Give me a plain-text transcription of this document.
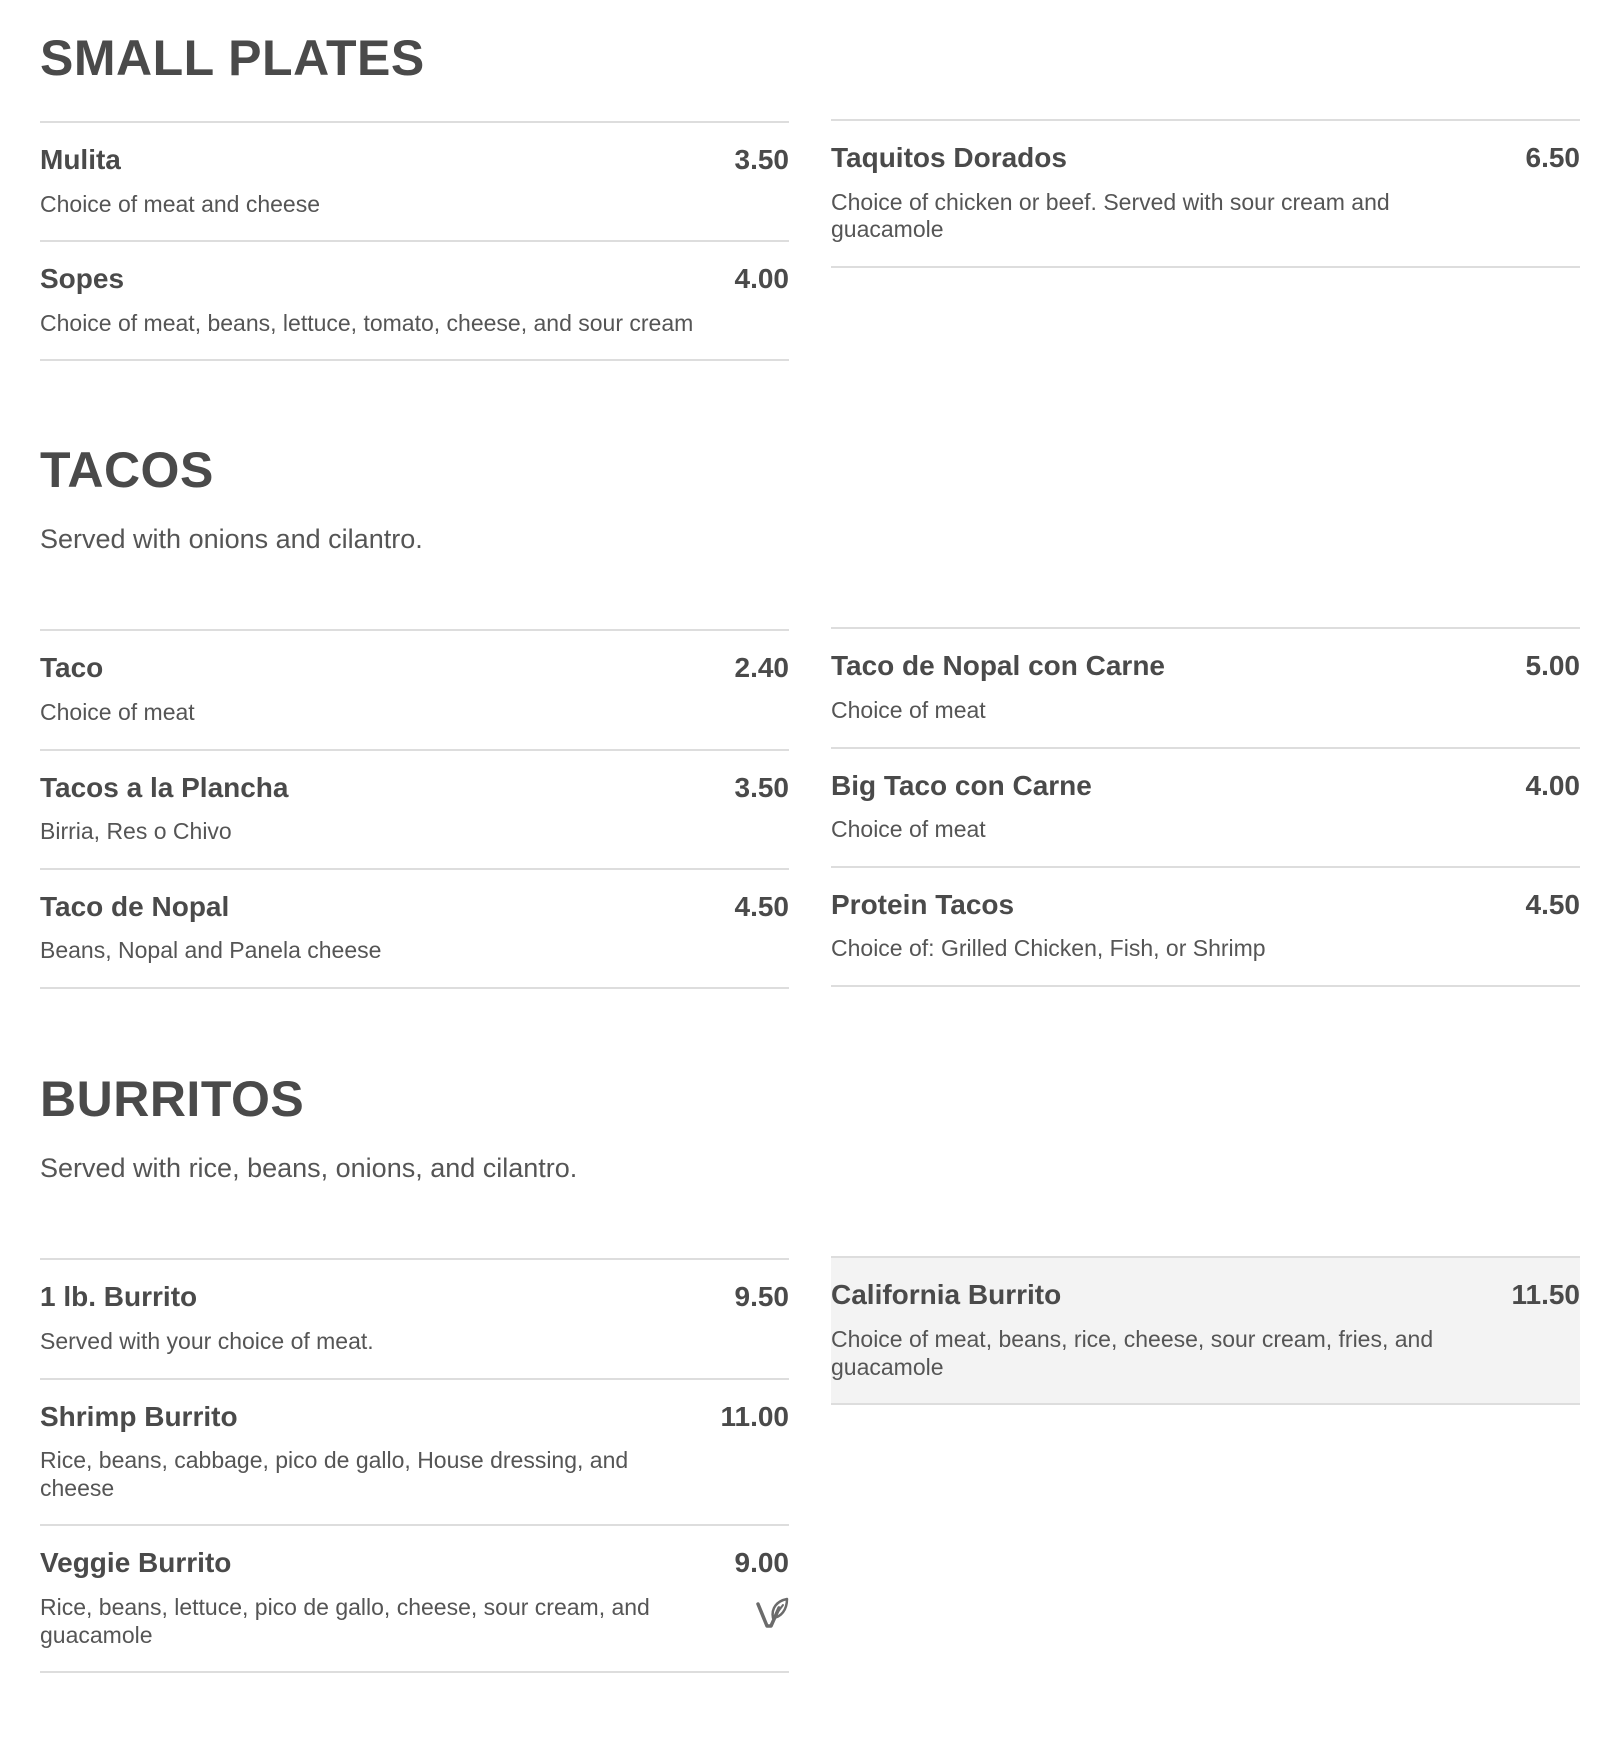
SMALL PLATES
Mulita	3.50
Choice of meat and cheese
Sopes	4.00
Choice of meat, beans, lettuce, tomato, cheese, and sour cream
Taquitos Dorados	6.50
Choice of chicken or beef. Served with sour cream and guacamole
TACOS

Served with onions and cilantro.

Taco	2.40
Choice of meat
Tacos a la Plancha	3.50
Birria, Res o Chivo
Taco de Nopal	4.50
Beans, Nopal and Panela cheese
Taco de Nopal con Carne	5.00
Choice of meat
Big Taco con Carne	4.00
Choice of meat
Protein Tacos	4.50
Choice of: Grilled Chicken, Fish, or Shrimp
BURRITOS

Served with rice, beans, onions, and cilantro.

1 lb. Burrito	9.50
Served with your choice of meat.
Shrimp Burrito	11.00
Rice, beans, cabbage, pico de gallo, House dressing, and cheese
Veggie Burrito	9.00
Rice, beans, lettuce, pico de gallo, cheese, sour cream, and guacamole
California Burrito	11.50
Choice of meat, beans, rice, cheese, sour cream, fries, and guacamole
